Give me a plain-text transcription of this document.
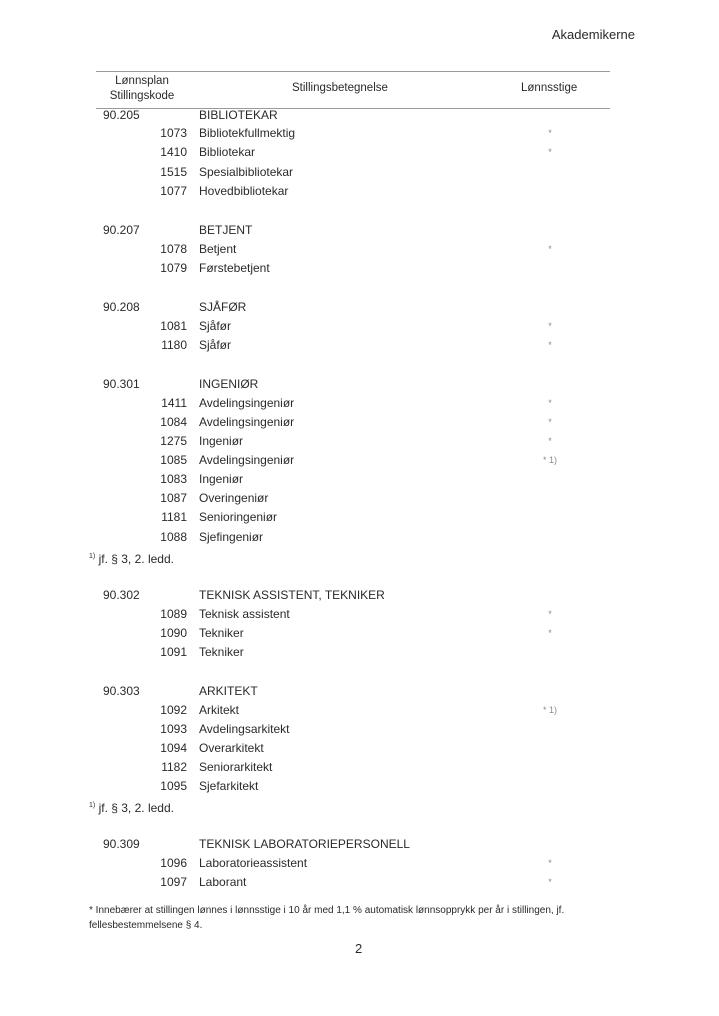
Akademikerne
Lønnsplan
Stillingskode
Stillingsbetegnelse	Lønnsstige
90.205	BIBLIOTEKAR
1073 Bibliotekfullmektig	*
1410 Bibliotekar	*
1515 Spesialbibliotekar
1077 Hovedbibliotekar
90.207	BETJENT
1078 Betjent	*
1079 Førstebetjent
90.208	SJÅFØR
1081 Sjåfør	*
1180 Sjåfør	*
90.301	INGENIØR
1411 Avdelingsingeniør	*
1084 Avdelingsingeniør	*
1275 Ingeniør	*
1085 Avdelingsingeniør	* 1)
1083 Ingeniør
1087 Overingeniør
1181 Senioringeniør
1088 Sjefingeniør
$^{1)}$ jf. § 3, 2. ledd.
90.302	TEKNISK ASSISTENT, TEKNIKER
1089 Teknisk assistent	*
1090 Tekniker	*
1091 Tekniker
90.303	ARKITEKT
1092 Arkitekt	* 1)
1093 Avdelingsarkitekt
1094 Overarkitekt
1182 Seniorarkitekt
1095 Sjefarkitekt
$^{1)}$ jf. § 3, 2. ledd.
90.309	TEKNISK LABORATORIEPERSONELL
1096 Laboratorieassistent	*
1097 Laborant	*
* Innebærer at stillingen lønnes i lønnsstige i 10 år med 1,1 % automatisk lønnsopprykk per år i stillingen, jf. fellesbestemmelsene § 4.
2
